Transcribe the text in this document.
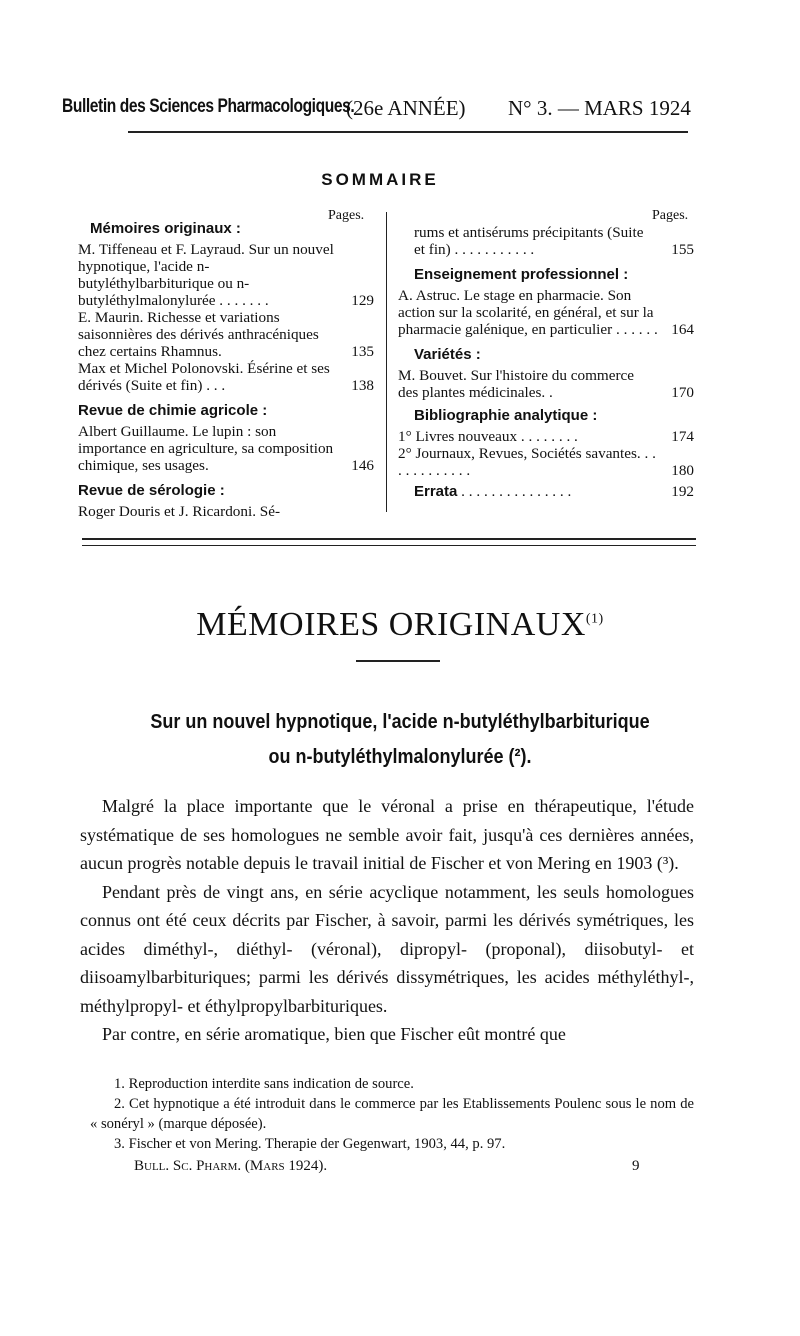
Bulletin des Sciences Pharmacologiques.
(26e ANNÉE) N° 3. — MARS 1924
SOMMAIRE
Pages.
Mémoires originaux :
M. Tiffeneau et F. Layraud. Sur un nouvel hypnotique, l'acide n-butyléthylbarbiturique ou n-butyléthylmalonylurée . . . . . . .	129
E. Maurin. Richesse et variations saisonnières des dérivés anthracéniques chez certains Rhamnus.	135
Max et Michel Polonovski. Ésérine et ses dérivés (Suite et fin) . . .	138
Revue de chimie agricole :
Albert Guillaume. Le lupin : son importance en agriculture, sa composition chimique, ses usages.	146
Revue de sérologie :
Roger Douris et J. Ricardoni. Sé-
Pages.
rums et antisérums précipitants (Suite et fin) . . . . . . . . . . .	155
Enseignement professionnel :
A. Astruc. Le stage en pharmacie. Son action sur la scolarité, en général, et sur la pharmacie galénique, en particulier . . . . . . 164
Variétés :
M. Bouvet. Sur l'histoire du commerce des plantes médicinales. .	170
Bibliographie analytique :
1° Livres nouveaux . . . . . . . .	174
2° Journaux, Revues, Sociétés savantes. . . . . . . . . . . . .	180
Errata . . . . . . . . . . . . . . .	192
MÉMOIRES ORIGINAUX$^{(1)}$
Sur un nouvel hypnotique, l'acide n-butyléthylbarbiturique
ou n-butyléthylmalonylurée (²).

Malgré la place importante que le véronal a prise en thérapeutique, l'étude systématique de ses homologues ne semble avoir fait, jusqu'à ces dernières années, aucun progrès notable depuis le travail initial de Fischer et von Mering en 1903 (³).

Pendant près de vingt ans, en série acyclique notamment, les seuls homologues connus ont été ceux décrits par Fischer, à savoir, parmi les dérivés symétriques, les acides diméthyl-, diéthyl- (véronal), dipropyl- (proponal), diisobutyl- et diisoamylbarbituriques; parmi les dérivés dissymétriques, les acides méthyléthyl-, méthylpropyl- et éthylpropylbarbituriques.

Par contre, en série aromatique, bien que Fischer eût montré que

1. Reproduction interdite sans indication de source.
2. Cet hypnotique a été introduit dans le commerce par les Etablissements Poulenc sous le nom de « sonéryl » (marque déposée).
3. Fischer et von Mering. Therapie der Gegenwart, 1903, 44, p. 97.
Bull. Sc. Pharm. (Mars 1924).	9
